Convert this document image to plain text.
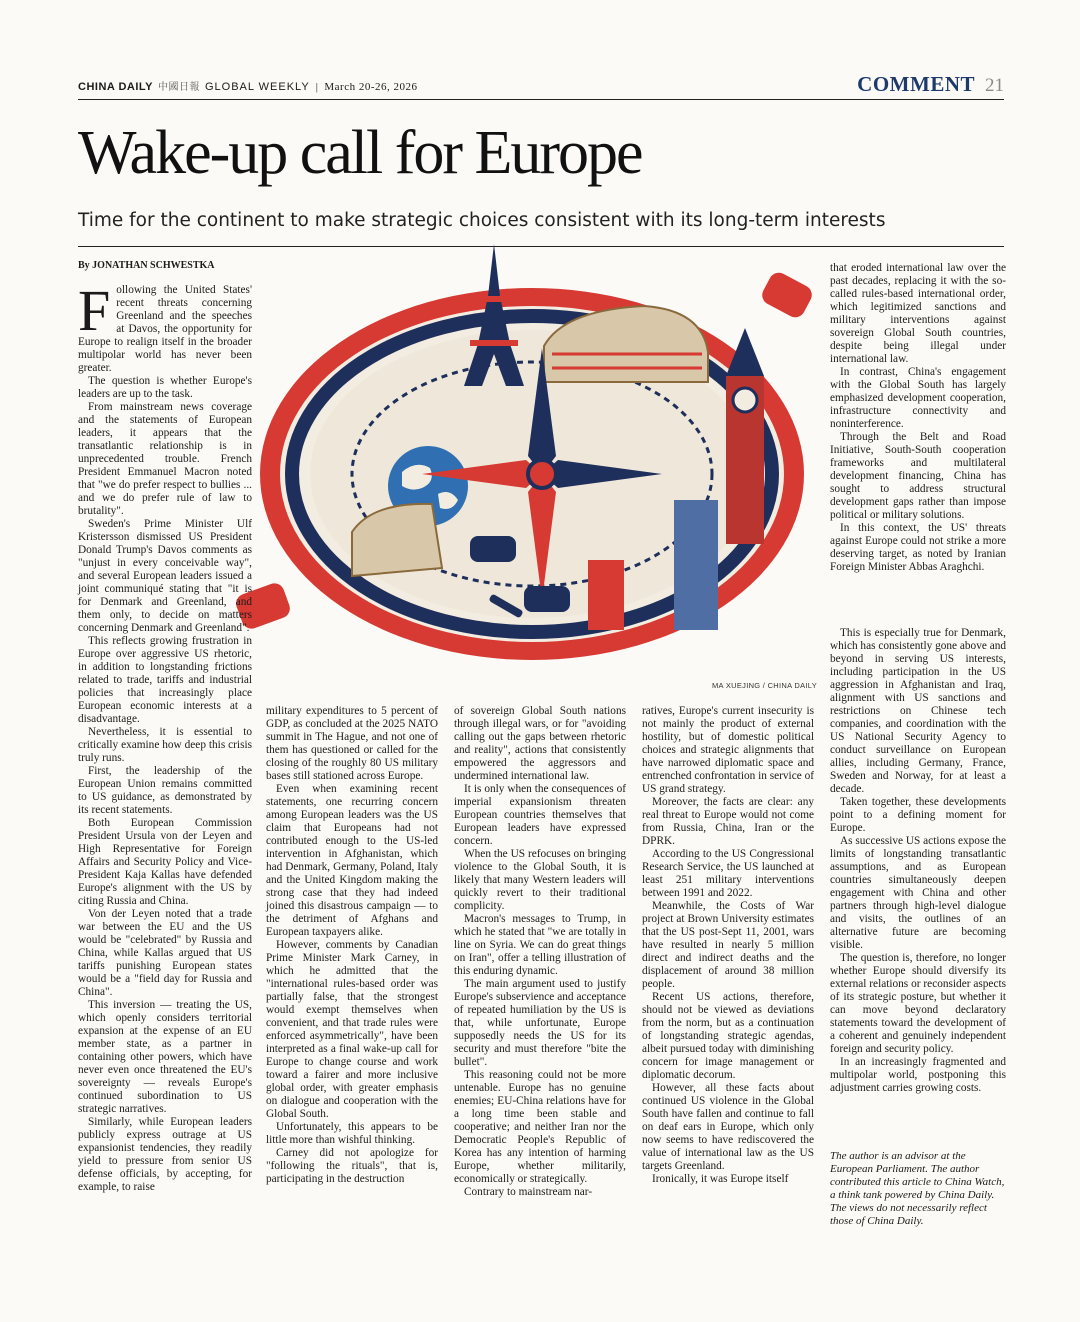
CHINA DAILY 中國日報 GLOBAL WEEKLY | March 20-26, 2026	COMMENT 21
Wake-up call for Europe
Time for the continent to make strategic choices consistent with its long-term interests
By JONATHAN SCHWESTKA
MA XUEJING / CHINA DAILY
F ollowing the United States' recent threats concerning Greenland and the speeches at Davos, the opportunity for Europe to realign itself in the broader multipolar world has never been greater.

The question is whether Europe's leaders are up to the task.

From mainstream news coverage and the statements of European leaders, it appears that the transatlantic relationship is in unprecedented trouble. French President Emmanuel Macron noted that "we do prefer respect to bullies ... and we do prefer rule of law to brutality".

Sweden's Prime Minister Ulf Kristersson dismissed US President Donald Trump's Davos comments as "unjust in every conceivable way", and several European leaders issued a joint communiqué stating that "it is for Denmark and Greenland, and them only, to decide on matters concerning Denmark and Greenland".

This reflects growing frustration in Europe over aggressive US rhetoric, in addition to longstanding frictions related to trade, tariffs and industrial policies that increasingly place European economic interests at a disadvantage.

Nevertheless, it is essential to critically examine how deep this crisis truly runs.

First, the leadership of the European Union remains committed to US guidance, as demonstrated by its recent statements.

Both European Commission President Ursula von der Leyen and High Representative for Foreign Affairs and Security Policy and Vice-President Kaja Kallas have defended Europe's alignment with the US by citing Russia and China.

Von der Leyen noted that a trade war between the EU and the US would be "celebrated" by Russia and China, while Kallas argued that US tariffs punishing European states would be a "field day for Russia and China".

This inversion — treating the US, which openly considers territorial expansion at the expense of an EU member state, as a partner in containing other powers, which have never even once threatened the EU's sovereignty — reveals Europe's continued subordination to US strategic narratives.

Similarly, while European leaders publicly express outrage at US expansionist tendencies, they readily yield to pressure from senior US defense officials, by accepting, for example, to raise

military expenditures to 5 percent of GDP, as concluded at the 2025 NATO summit in The Hague, and not one of them has questioned or called for the closing of the roughly 80 US military bases still stationed across Europe.

Even when examining recent statements, one recurring concern among European leaders was the US claim that Europeans had not contributed enough to the US-led intervention in Afghanistan, which had Denmark, Germany, Poland, Italy and the United Kingdom making the strong case that they had indeed joined this disastrous campaign — to the detriment of Afghans and European taxpayers alike.

However, comments by Canadian Prime Minister Mark Carney, in which he admitted that the "international rules-based order was partially false, that the strongest would exempt themselves when convenient, and that trade rules were enforced asymmetrically", have been interpreted as a final wake-up call for Europe to change course and work toward a fairer and more inclusive global order, with greater emphasis on dialogue and cooperation with the Global South.

Unfortunately, this appears to be little more than wishful thinking.

Carney did not apologize for "following the rituals", that is, participating in the destruction

of sovereign Global South nations through illegal wars, or for "avoiding calling out the gaps between rhetoric and reality", actions that consistently empowered the aggressors and undermined international law.

It is only when the consequences of imperial expansionism threaten European countries themselves that European leaders have expressed concern.

When the US refocuses on bringing violence to the Global South, it is likely that many Western leaders will quickly revert to their traditional complicity.

Macron's messages to Trump, in which he stated that "we are totally in line on Syria. We can do great things on Iran", offer a telling illustration of this enduring dynamic.

The main argument used to justify Europe's subservience and acceptance of repeated humiliation by the US is that, while unfortunate, Europe supposedly needs the US for its security and must therefore "bite the bullet".

This reasoning could not be more untenable. Europe has no genuine enemies; EU-China relations have for a long time been stable and cooperative; and neither Iran nor the Democratic People's Republic of Korea has any intention of harming Europe, whether militarily, economically or strategically.

Contrary to mainstream nar-

ratives, Europe's current insecurity is not mainly the product of external hostility, but of domestic political choices and strategic alignments that have narrowed diplomatic space and entrenched confrontation in service of US grand strategy.

Moreover, the facts are clear: any real threat to Europe would not come from Russia, China, Iran or the DPRK.

According to the US Congressional Research Service, the US launched at least 251 military interventions between 1991 and 2022.

Meanwhile, the Costs of War project at Brown University estimates that the US post-Sept 11, 2001, wars have resulted in nearly 5 million direct and indirect deaths and the displacement of around 38 million people.

Recent US actions, therefore, should not be viewed as deviations from the norm, but as a continuation of longstanding strategic agendas, albeit pursued today with diminishing concern for image management or diplomatic decorum.

However, all these facts about continued US violence in the Global South have fallen and continue to fall on deaf ears in Europe, which only now seems to have rediscovered the value of international law as the US targets Greenland.

Ironically, it was Europe itself

that eroded international law over the past decades, replacing it with the so-called rules-based international order, which legitimized sanctions and military interventions against sovereign Global South countries, despite being illegal under international law.

In contrast, China's engagement with the Global South has largely emphasized development cooperation, infrastructure connectivity and noninterference.

Through the Belt and Road Initiative, South-South cooperation frameworks and multilateral development financing, China has sought to address structural development gaps rather than impose political or military solutions.

In this context, the US' threats against Europe could not strike a more deserving target, as noted by Iranian Foreign Minister Abbas Araghchi.

This is especially true for Denmark, which has consistently gone above and beyond in serving US interests, including participation in the US aggression in Afghanistan and Iraq, alignment with US sanctions and restrictions on Chinese tech companies, and coordination with the US National Security Agency to conduct surveillance on European allies, including Germany, France, Sweden and Norway, for at least a decade.

Taken together, these developments point to a defining moment for Europe.

As successive US actions expose the limits of longstanding transatlantic assumptions, and as European countries simultaneously deepen engagement with China and other partners through high-level dialogue and visits, the outlines of an alternative future are becoming visible.

The question is, therefore, no longer whether Europe should diversify its external relations or reconsider aspects of its strategic posture, but whether it can move beyond declaratory statements toward the development of a coherent and genuinely independent foreign and security policy.

In an increasingly fragmented and multipolar world, postponing this adjustment carries growing costs.

The author is an advisor at the European Parliament. The author contributed this article to China Watch, a think tank powered by China Daily. The views do not necessarily reflect those of China Daily.
